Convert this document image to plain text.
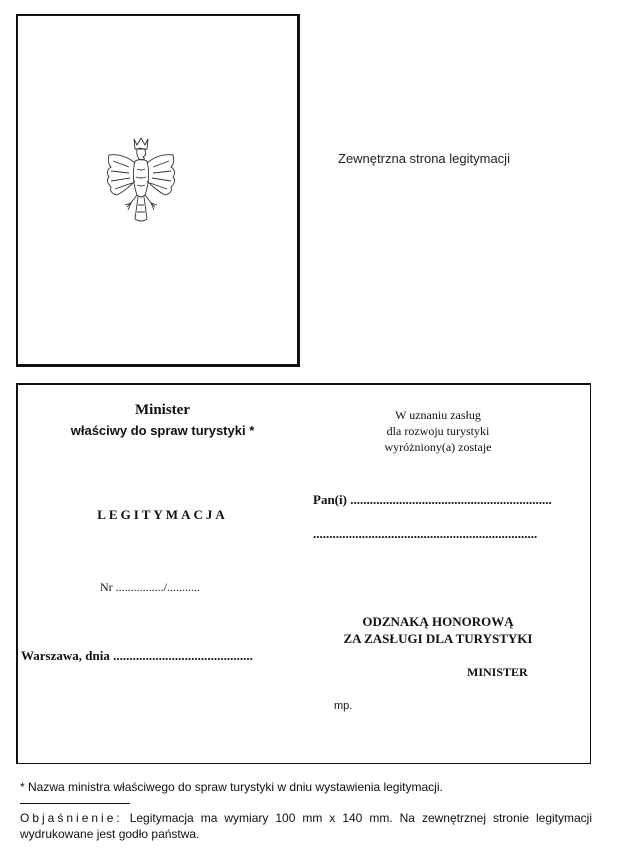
Zewnętrzna strona legitymacji
Minister
właściwy do spraw turystyki *
LEGITYMACJA
Nr ................/...........
Warszawa, dnia ...........................................
W uznaniu zasług
dla rozwoju turystyki
wyróżniony(a) zostaje
Pan(i) ..............................................................
.....................................................................
ODZNAKĄ HONOROWĄ
ZA ZASŁUGI DLA TURYSTYKI
MINISTER
mp.
* Nazwa ministra właściwego do spraw turystyki w dniu wystawienia legitymacji.
Objaśnienie: Legitymacja ma wymiary 100 mm x 140 mm. Na zewnętrznej stronie legitymacji wydrukowane jest godło państwa.
